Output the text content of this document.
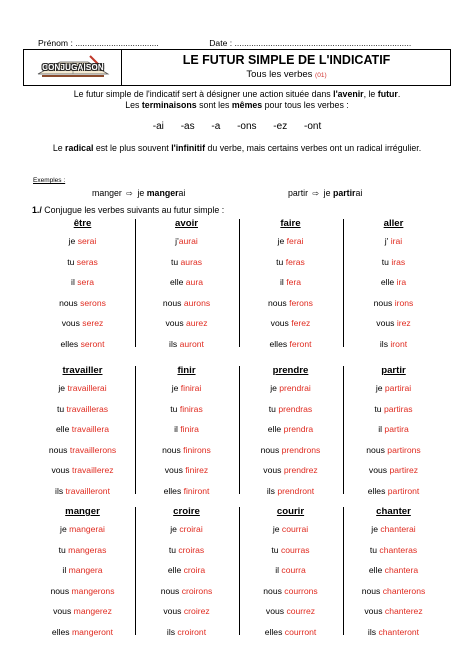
Prénom : ...................................	Date : ..........................................................................
CONJUGAISON
LE FUTUR SIMPLE DE L'INDICATIF
Tous les verbes (01)
Le futur simple de l'indicatif sert à désigner une action située dans l'avenir, le futur.
Les terminaisons sont les mêmes pour tous les verbes :
-ai -as -a -ons -ez -ont
Le radical est le plus souvent l'infinitif du verbe, mais certains verbes ont un radical irrégulier.
Exemples :
manger ⇨ je mangerai	partir ⇨ je partirai
1./ Conjugue les verbes suivants au futur simple :
être
je serai
tu seras
il sera
nous serons
vous serez
elles seront
avoir
j'aurai
tu auras
elle aura
nous aurons
vous aurez
ils auront
faire
je ferai
tu feras
il fera
nous ferons
vous ferez
elles feront
aller
j' irai
tu iras
elle ira
nous irons
vous irez
ils iront
travailler
je travaillerai
tu travailleras
elle travaillera
nous travaillerons
vous travaillerez
ils travailleront
finir
je finirai
tu finiras
il finira
nous finirons
vous finirez
elles finiront
prendre
je prendrai
tu prendras
elle prendra
nous prendrons
vous prendrez
ils prendront
partir
je partirai
tu partiras
il partira
nous partirons
vous partirez
elles partiront
manger
je mangerai
tu mangeras
il mangera
nous mangerons
vous mangerez
elles mangeront
croire
je croirai
tu croiras
elle croira
nous croirons
vous croirez
ils croiront
courir
je courrai
tu courras
il courra
nous courrons
vous courrez
elles courront
chanter
je chanterai
tu chanteras
elle chantera
nous chanterons
vous chanterez
ils chanteront
